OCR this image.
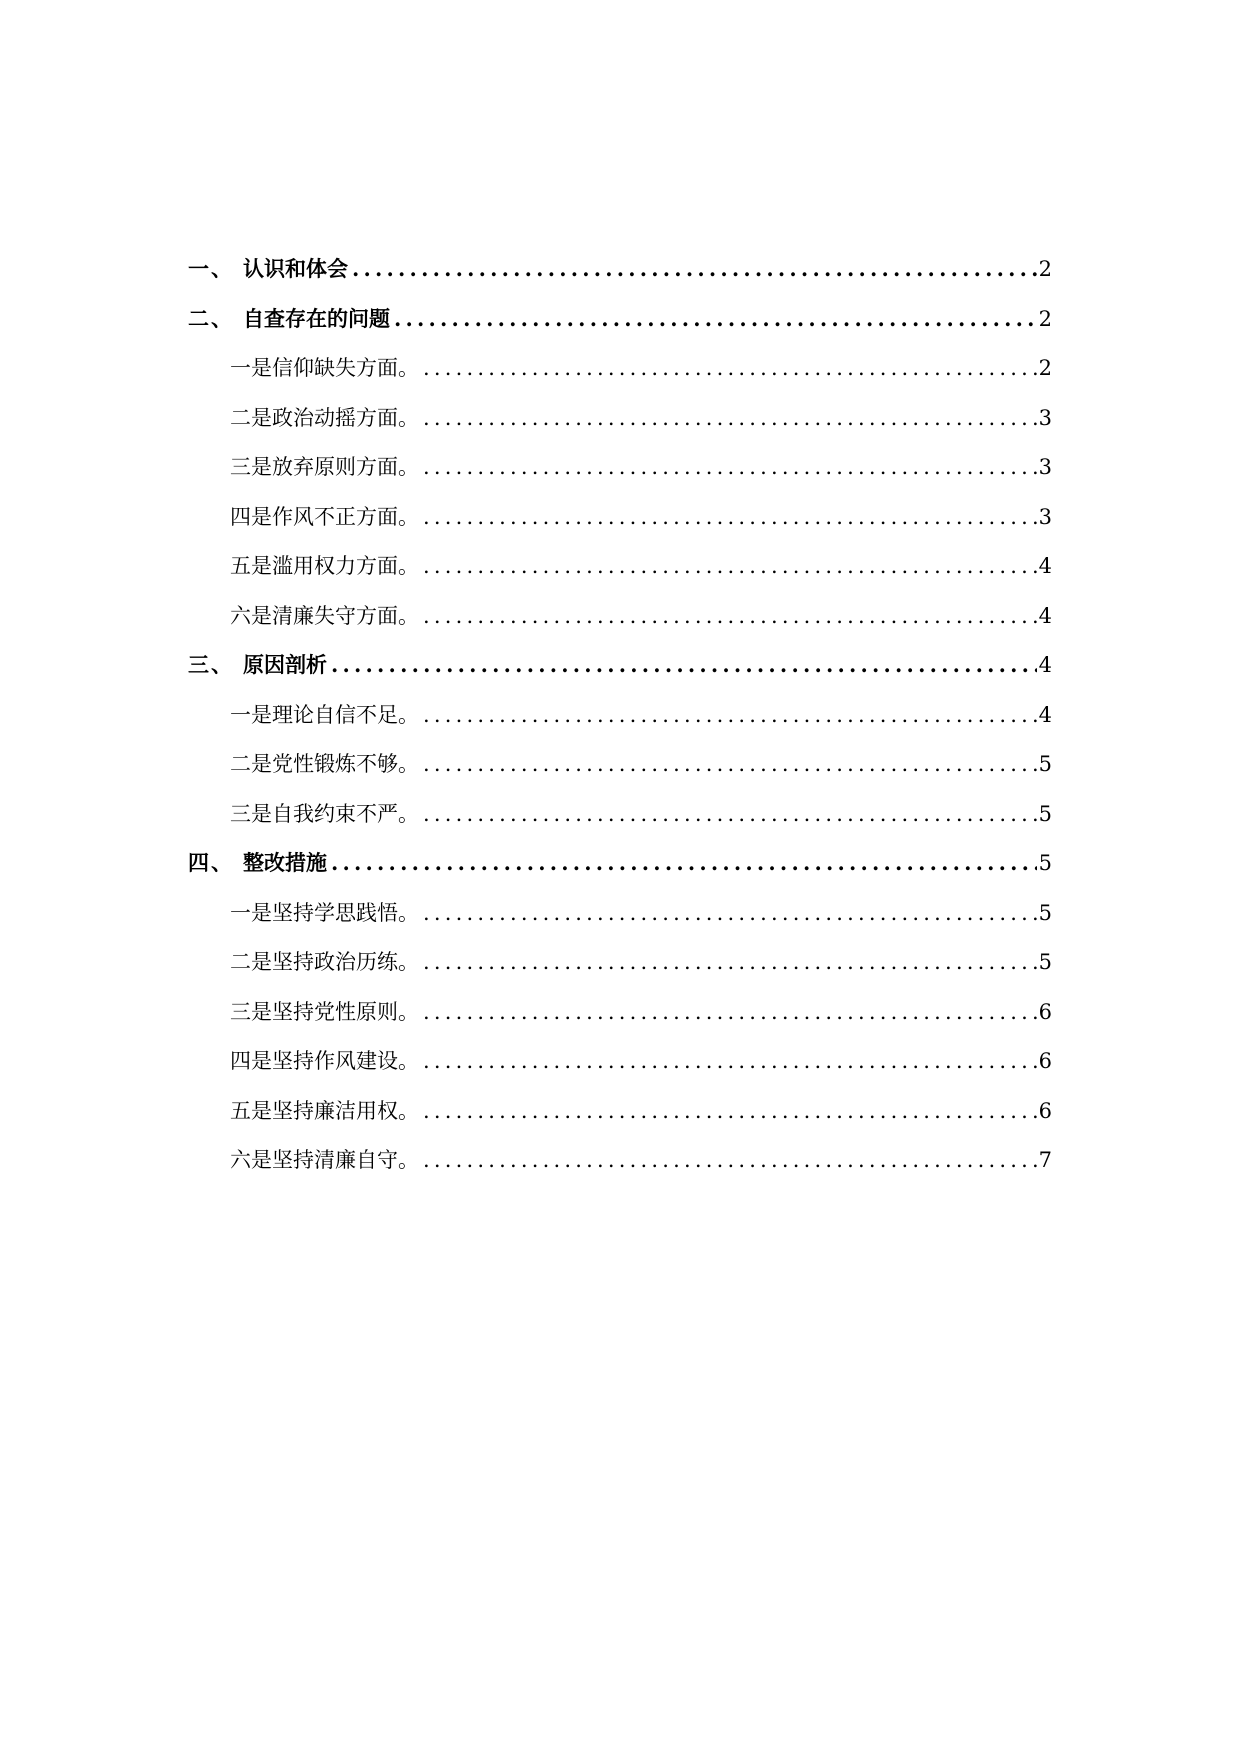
一、 认识和体会 .....	2
二、 自查存在的问题 .....	2
一是信仰缺失方面。 .....	2
二是政治动摇方面。 .....	3
三是放弃原则方面。 .....	3
四是作风不正方面。 .....	3
五是滥用权力方面。 .....	4
六是清廉失守方面。 .....	4
三、 原因剖析 .....	4
一是理论自信不足。 .....	4
二是党性锻炼不够。 .....	5
三是自我约束不严。 .....	5
四、 整改措施 .....	5
一是坚持学思践悟。 .....	5
二是坚持政治历练。 .....	5
三是坚持党性原则。 .....	6
四是坚持作风建设。 .....	6
五是坚持廉洁用权。 .....	6
六是坚持清廉自守。 .....	7
